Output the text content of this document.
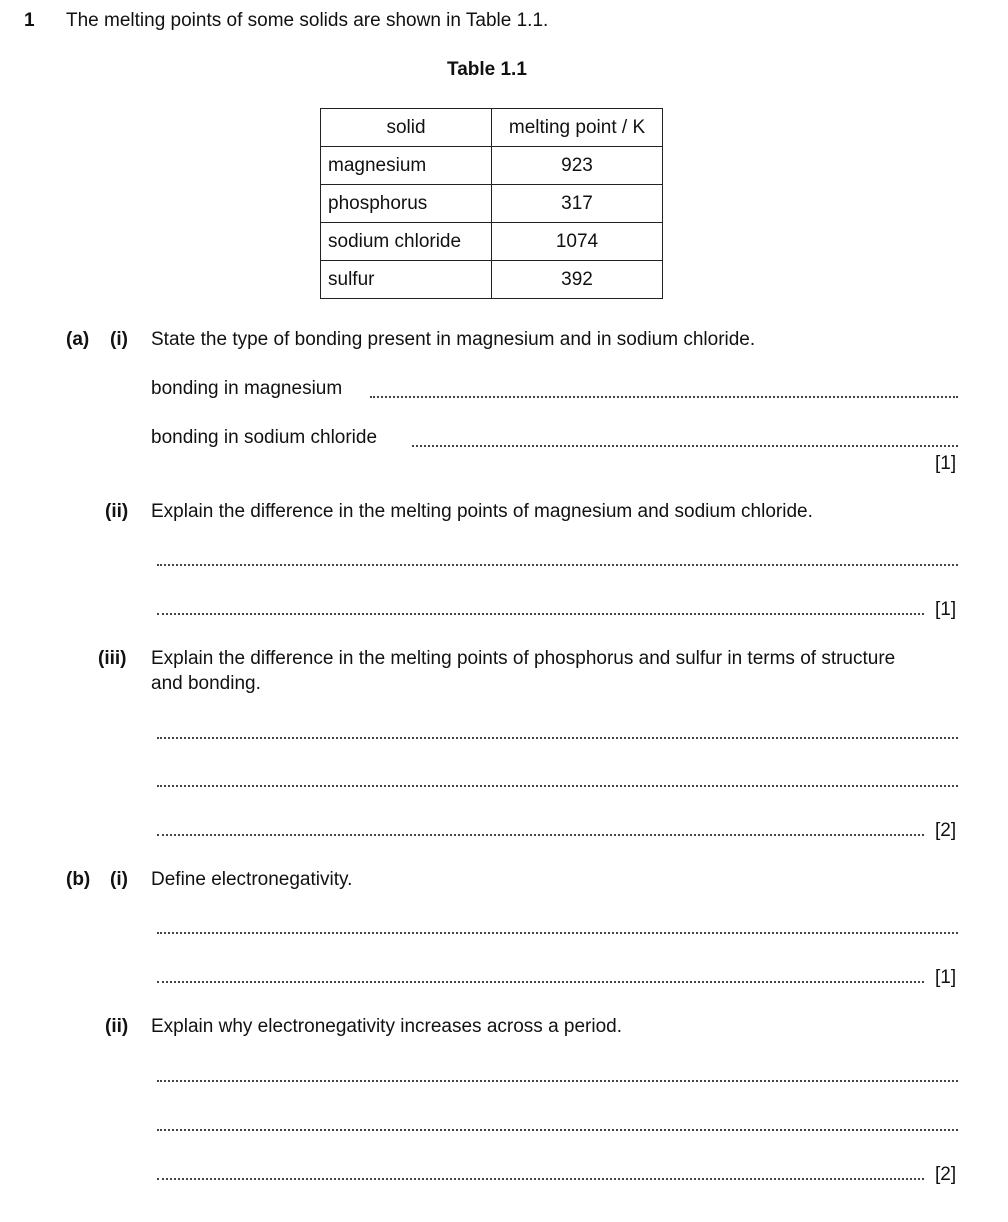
1 The melting points of some solids are shown in Table 1.1.
Table 1.1
solid	melting point / K
magnesium	923
phosphorus	317
sodium chloride	1074
sulfur	392
(a) (i) State the type of bonding present in magnesium and in sodium chloride.
bonding in magnesium
bonding in sodium chloride
[1]
(ii) Explain the difference in the melting points of magnesium and sodium chloride.
[1]
(iii) Explain the difference in the melting points of phosphorus and sulfur in terms of structure
and bonding.
[2]
(b) (i) Define electronegativity.
[1]
(ii) Explain why electronegativity increases across a period.
[2]
